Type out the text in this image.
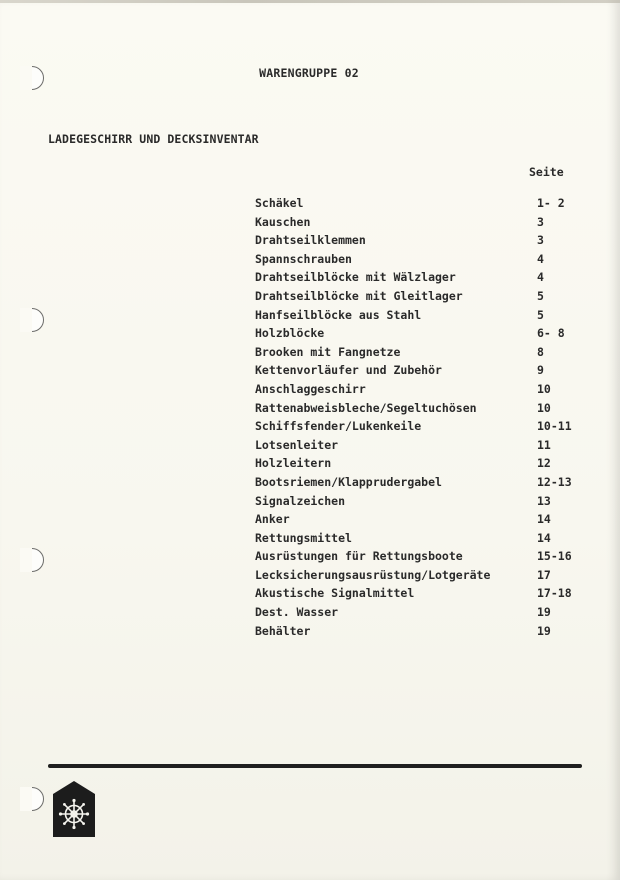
WARENGRUPPE 02
LADEGESCHIRR UND DECKSINVENTAR
Seite
Schäkel	1- 2
Kauschen	3
Drahtseilklemmen	3
Spannschrauben	4
Drahtseilblöcke mit Wälzlager	4
Drahtseilblöcke mit Gleitlager	5
Hanfseilblöcke aus Stahl	5
Holzblöcke	6- 8
Brooken mit Fangnetze	8
Kettenvorläufer und Zubehör	9
Anschlaggeschirr	10
Rattenabweisbleche/Segeltuchösen	10
Schiffsfender/Lukenkeile	10-11
Lotsenleiter	11
Holzleitern	12
Bootsriemen/Klapprudergabel	12-13
Signalzeichen	13
Anker	14
Rettungsmittel	14
Ausrüstungen für Rettungsboote	15-16
Lecksicherungsausrüstung/Lotgeräte	17
Akustische Signalmittel	17-18
Dest. Wasser	19
Behälter	19
